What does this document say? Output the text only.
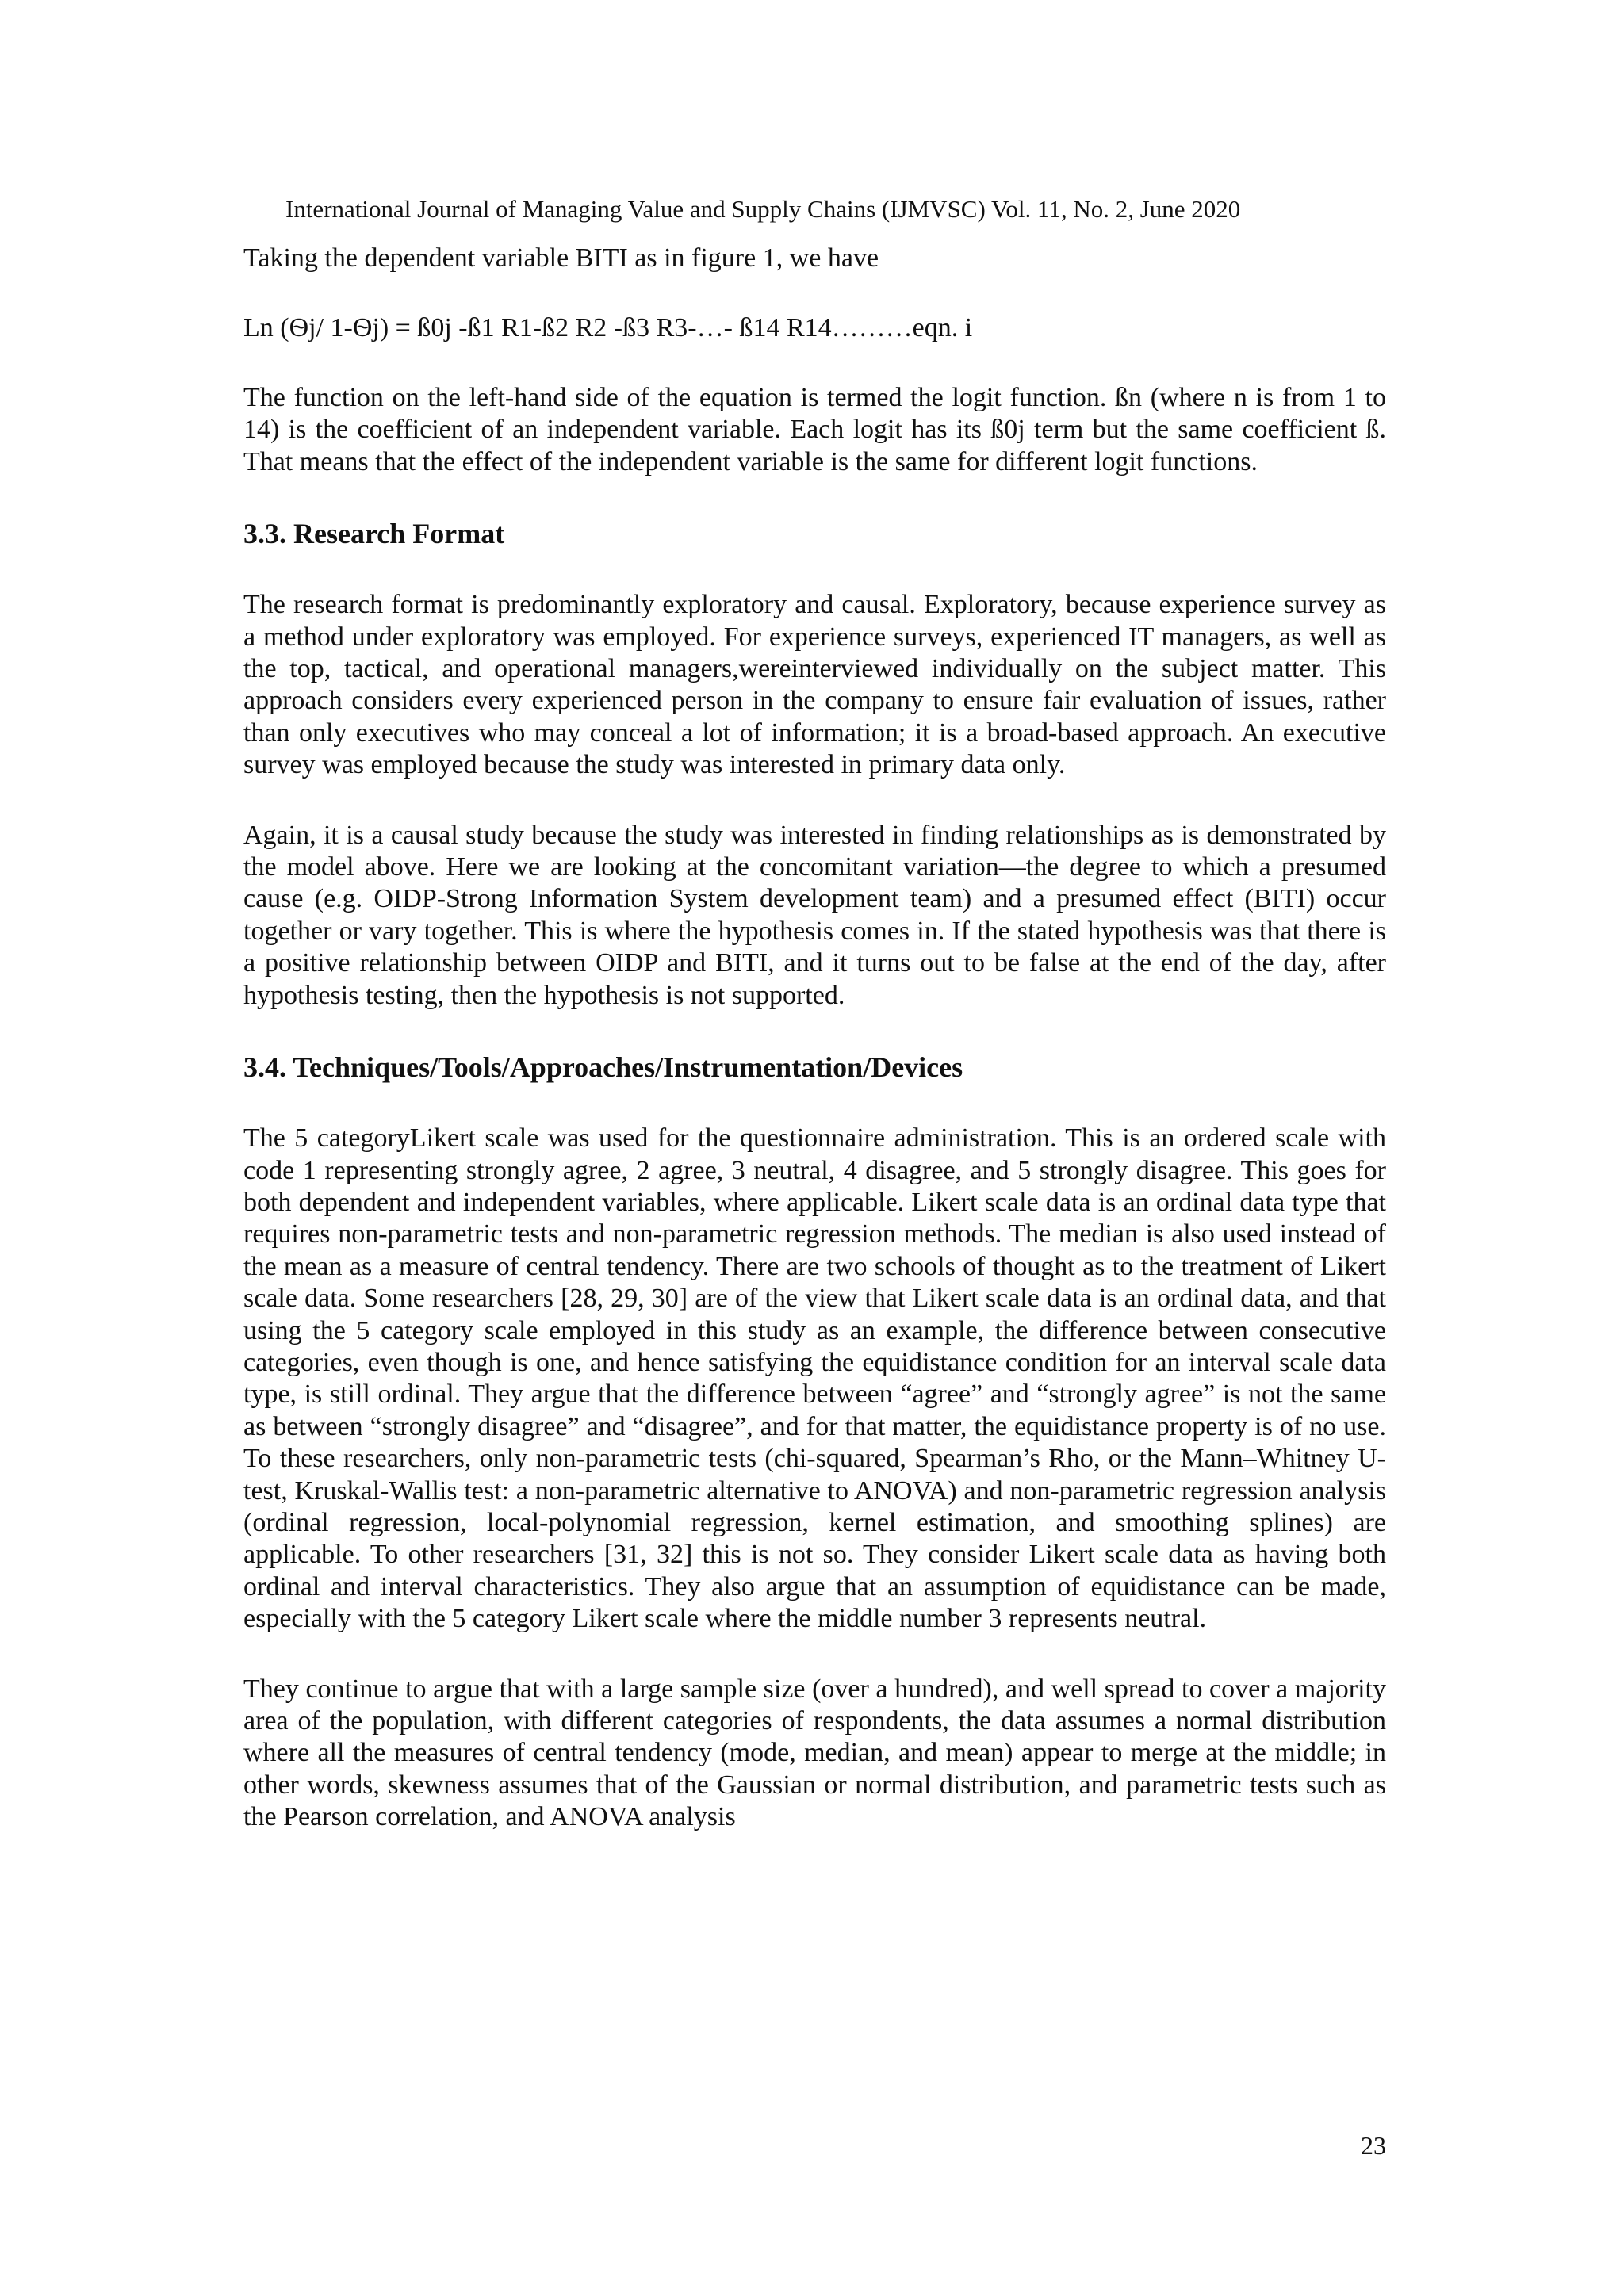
International Journal of Managing Value and Supply Chains (IJMVSC) Vol. 11, No. 2, June 2020
Taking the dependent variable BITI as in figure 1, we have
Ln (Ѳj/ 1-Ѳj) = ß0j -ß1 R1-ß2 R2 -ß3 R3-…- ß14 R14………eqn. i

The function on the left-hand side of the equation is termed the logit function. ßn (where n is from 1 to 14) is the coefficient of an independent variable. Each logit has its ß0j term but the same coefficient ß. That means that the effect of the independent variable is the same for different logit functions.

3.3. Research Format

The research format is predominantly exploratory and causal. Exploratory, because experience survey as a method under exploratory was employed. For experience surveys, experienced IT managers, as well as the top, tactical, and operational managers,wereinterviewed individually on the subject matter. This approach considers every experienced person in the company to ensure fair evaluation of issues, rather than only executives who may conceal a lot of information; it is a broad-based approach. An executive survey was employed because the study was interested in primary data only.

Again, it is a causal study because the study was interested in finding relationships as is demonstrated by the model above. Here we are looking at the concomitant variation—the degree to which a presumed cause (e.g. OIDP-Strong Information System development team) and a presumed effect (BITI) occur together or vary together. This is where the hypothesis comes in. If the stated hypothesis was that there is a positive relationship between OIDP and BITI, and it turns out to be false at the end of the day, after hypothesis testing, then the hypothesis is not supported.

3.4. Techniques/Tools/Approaches/Instrumentation/Devices

The 5 categoryLikert scale was used for the questionnaire administration. This is an ordered scale with code 1 representing strongly agree, 2 agree, 3 neutral, 4 disagree, and 5 strongly disagree. This goes for both dependent and independent variables, where applicable. Likert scale data is an ordinal data type that requires non-parametric tests and non-parametric regression methods. The median is also used instead of the mean as a measure of central tendency. There are two schools of thought as to the treatment of Likert scale data. Some researchers [28, 29, 30] are of the view that Likert scale data is an ordinal data, and that using the 5 category scale employed in this study as an example, the difference between consecutive categories, even though is one, and hence satisfying the equidistance condition for an interval scale data type, is still ordinal. They argue that the difference between “agree” and “strongly agree” is not the same as between “strongly disagree” and “disagree”, and for that matter, the equidistance property is of no use. To these researchers, only non-parametric tests (chi-squared, Spearman’s Rho, or the Mann–Whitney U-test, Kruskal-Wallis test: a non-parametric alternative to ANOVA) and non-parametric regression analysis (ordinal regression, local-polynomial regression, kernel estimation, and smoothing splines) are applicable. To other researchers [31, 32] this is not so. They consider Likert scale data as having both ordinal and interval characteristics. They also argue that an assumption of equidistance can be made, especially with the 5 category Likert scale where the middle number 3 represents neutral.

They continue to argue that with a large sample size (over a hundred), and well spread to cover a majority area of the population, with different categories of respondents, the data assumes a normal distribution where all the measures of central tendency (mode, median, and mean) appear to merge at the middle; in other words, skewness assumes that of the Gaussian or normal distribution, and parametric tests such as the Pearson correlation, and ANOVA analysis

23
